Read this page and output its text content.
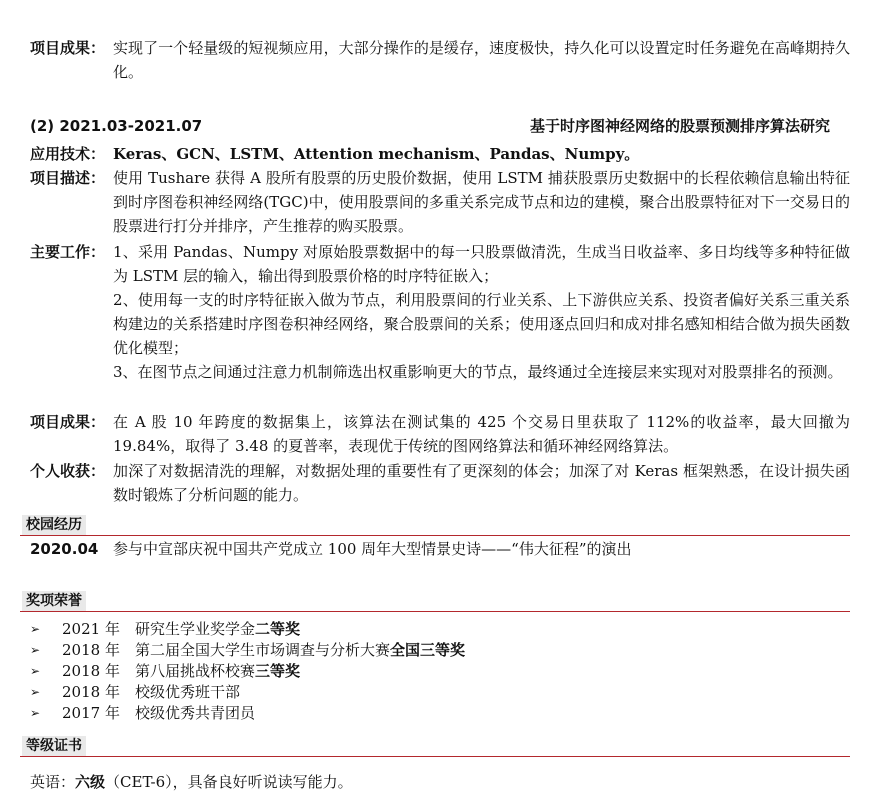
项目成果： 实现了一个轻量级的短视频应用，大部分操作的是缓存，速度极快，持久化可以设置定时任务避免在高峰期持久化。

(2) 2021.03-2021.07	基于时序图神经网络的股票预测排序算法研究
应用技术： Keras、GCN、LSTM、Attention mechanism、Pandas、Numpy。

项目描述： 使用 Tushare 获得 A 股所有股票的历史股价数据，使用 LSTM 捕获股票历史数据中的长程依赖信息输出特征到时序图卷积神经网络(TGC)中，使用股票间的多重关系完成节点和边的建模，聚合出股票特征对下一交易日的股票进行打分并排序，产生推荐的购买股票。

主要工作： 1、采用 Pandas、Numpy 对原始股票数据中的每一只股票做清洗，生成当日收益率、多日均线等多种特征做为 LSTM 层的输入，输出得到股票价格的时序特征嵌入；

2、使用每一支的时序特征嵌入做为节点，利用股票间的行业关系、上下游供应关系、投资者偏好关系三重关系构建边的关系搭建时序图卷积神经网络，聚合股票间的关系；使用逐点回归和成对排名感知相结合做为损失函数优化模型；

3、在图节点之间通过注意力机制筛选出权重影响更大的节点，最终通过全连接层来实现对对股票排名的预测。

项目成果： 在 A 股 10 年跨度的数据集上，该算法在测试集的 425 个交易日里获取了 112%的收益率，最大回撤为 19.84%，取得了 3.48 的夏普率，表现优于传统的图网络算法和循环神经网络算法。

个人收获： 加深了对数据清洗的理解，对数据处理的重要性有了更深刻的体会；加深了对 Keras 框架熟悉，在设计损失函数时锻炼了分析问题的能力。

校园经历
2020.04 参与中宣部庆祝中国共产党成立 100 周年大型情景史诗——“伟大征程”的演出
奖项荣誉
➢ 2021 年 研究生学业奖学金二等奖
➢ 2018 年 第二届全国大学生市场调查与分析大赛全国三等奖
➢ 2018 年 第八届挑战杯校赛三等奖
➢ 2018 年 校级优秀班干部
➢ 2017 年 校级优秀共青团员
等级证书
英语：六级（CET-6），具备良好听说读写能力。
